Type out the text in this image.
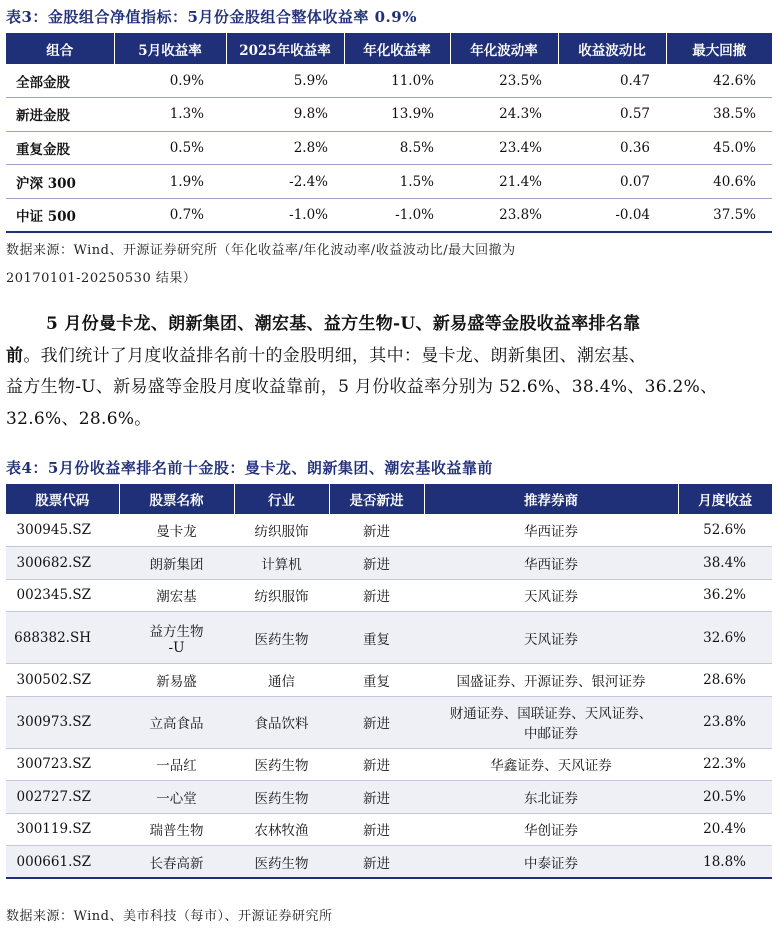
表3：金股组合净值指标：5月份金股组合整体收益率 0.9%
组合	5月收益率	2025年收益率	年化收益率	年化波动率	收益波动比	最大回撤
全部金股	0.9%	5.9%	11.0%	23.5%	0.47	42.6%
新进金股	1.3%	9.8%	13.9%	24.3%	0.57	38.5%
重复金股	0.5%	2.8%	8.5%	23.4%	0.36	45.0%
沪深 300	1.9%	-2.4%	1.5%	21.4%	0.07	40.6%
中证 500	0.7%	-1.0%	-1.0%	23.8%	-0.04	37.5%
数据来源：Wind、开源证券研究所（年化收益率/年化波动率/收益波动比/最大回撤为
20170101-20250530 结果）
5 月份曼卡龙、朗新集团、潮宏基、益方生物-U、新易盛等金股收益率排名靠
前。我们统计了月度收益排名前十的金股明细，其中：曼卡龙、朗新集团、潮宏基、
益方生物-U、新易盛等金股月度收益靠前，5 月份收益率分别为 52.6%、38.4%、36.2%、
32.6%、28.6%。
表4：5月份收益率排名前十金股：曼卡龙、朗新集团、潮宏基收益靠前
股票代码	股票名称	行业	是否新进	推荐券商	月度收益
300945.SZ	曼卡龙	纺织服饰	新进	华西证券	52.6%
300682.SZ	朗新集团	计算机	新进	华西证券	38.4%
002345.SZ	潮宏基	纺织服饰	新进	天风证券	36.2%
688382.SH	益方生物
-U	医药生物	重复	天风证券	32.6%
300502.SZ	新易盛	通信	重复	国盛证券、开源证券、银河证券	28.6%
300973.SZ	立高食品	食品饮料	新进	财通证券、国联证券、天风证券、
中邮证券	23.8%
300723.SZ	一品红	医药生物	新进	华鑫证券、天风证券	22.3%
002727.SZ	一心堂	医药生物	新进	东北证券	20.5%
300119.SZ	瑞普生物	农林牧渔	新进	华创证券	20.4%
000661.SZ	长春高新	医药生物	新进	中泰证券	18.8%
数据来源：Wind、美市科技（每市）、开源证券研究所
